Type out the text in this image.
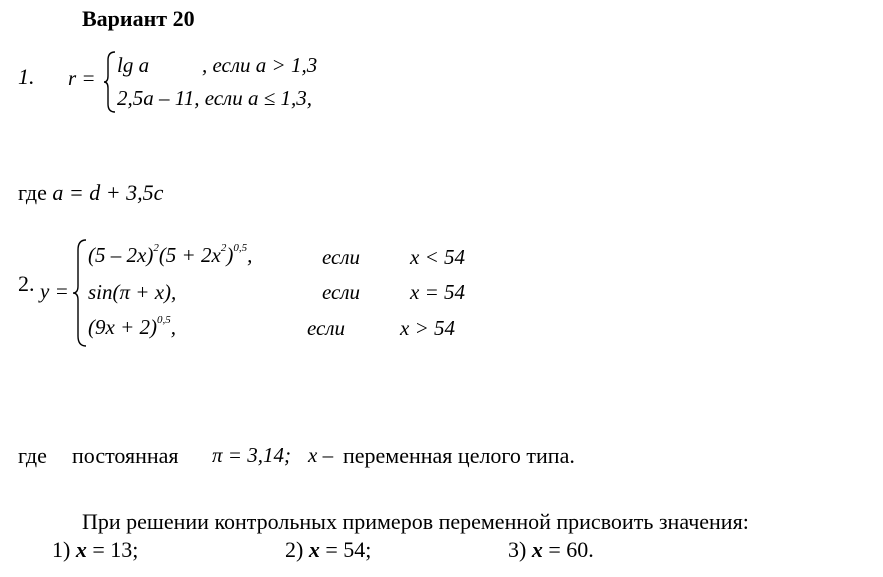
Вариант 20
1. r =
lg a	, если a > 1,3
2,5a – 11, если a ≤ 1,3,
где a = d + 3,5c
2. y =
$(5 - 2x)^2(5 + 2x^2)^{0,5}$,	если x < 54
sin(π + x),	если x = 54
$(9x + 2)^{0,5}$,	если	x > 54
где постоянная π = 3,14; x – переменная целого типа.
При решении контрольных примеров переменной присвоить значения:
1) x = 13;	2) x = 54;	3) x = 60.
